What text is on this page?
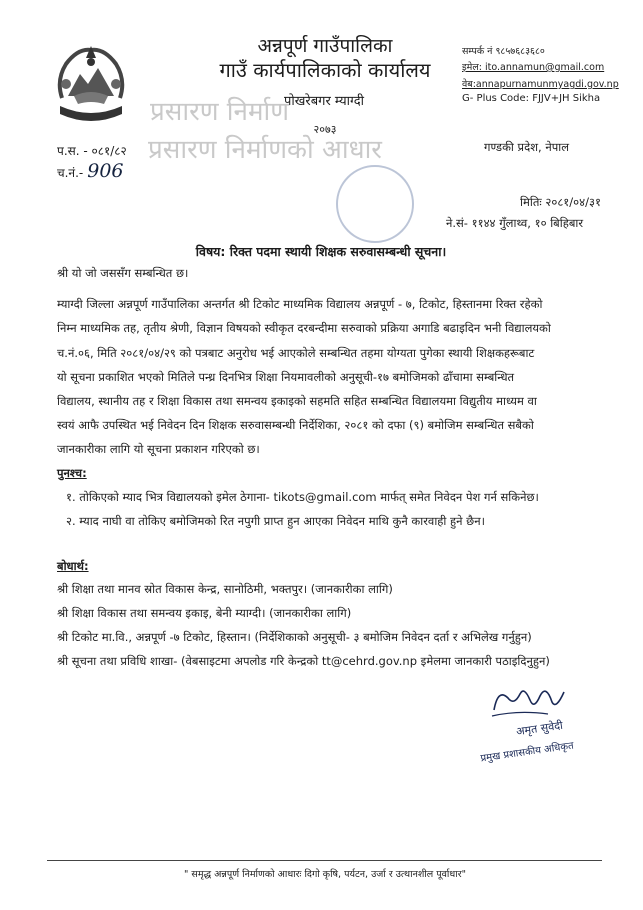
प्रसारण निर्माण
प्रसारण निर्माणको आधार
अन्नपूर्ण गाउँपालिका
गाउँ कार्यपालिकाको कार्यालय
पोखरेबगर म्याग्दी
२०७३
सम्पर्क नं ९८५७६८३६८०
इमेल: ito.annamun@gmail.com
वेब:annapurnamunmyagdi.gov.np
G- Plus Code: FJJV+JH Sikha
प.स. - ०८१/८२
च.नं.- 906
गण्डकी प्रदेश, नेपाल
मितिः २०८१/०४/३१
ने.सं- ११४४ गुँलाथ्व, १० बिहिबार
विषय: रिक्त पदमा स्थायी शिक्षक सरुवासम्बन्धी सूचना।
श्री यो जो जससँग सम्बन्धित छ।
म्याग्दी जिल्ला अन्नपूर्ण गाउँपालिका अन्तर्गत श्री टिकोट माध्यमिक विद्यालय अन्नपूर्ण - ७, टिकोट, हिस्तानमा रिक्त रहेको
निम्न माध्यमिक तह, तृतीय श्रेणी, विज्ञान विषयको स्वीकृत दरबन्दीमा सरुवाको प्रक्रिया अगाडि बढाइदिन भनी विद्यालयको
च.नं.०६, मिति २०८१/०४/२९ को पत्रबाट अनुरोध भई आएकोले सम्बन्धित तहमा योग्यता पुगेका स्थायी शिक्षकहरूबाट
यो सूचना प्रकाशित भएको मितिले पन्ध्र दिनभित्र शिक्षा नियमावलीको अनुसूची-१७ बमोजिमको ढाँचामा सम्बन्धित
विद्यालय, स्थानीय तह र शिक्षा विकास तथा समन्वय इकाइको सहमति सहित सम्बन्धित विद्यालयमा विद्युतीय माध्यम वा
स्वयं आफै उपस्थित भई निवेदन दिन शिक्षक सरुवासम्बन्धी निर्देशिका, २०८१ को दफा (९) बमोजिम सम्बन्धित सबैको
जानकारीका लागि यो सूचना प्रकाशन गरिएको छ।
पुनश्च:
१. तोकिएको म्याद भित्र विद्यालयको इमेल ठेगाना- tikots@gmail.com मार्फत् समेत निवेदन पेश गर्न सकिनेछ।
२. म्याद नाघी वा तोकिए बमोजिमको रित नपुगी प्राप्त हुन आएका निवेदन माथि कुनै कारवाही हुने छैन।
बोधार्थ:
श्री शिक्षा तथा मानव स्रोत विकास केन्द्र, सानोठिमी, भक्तपुर। (जानकारीका लागि)
श्री शिक्षा विकास तथा समन्वय इकाइ, बेनी म्याग्दी। (जानकारीका लागि)
श्री टिकोट मा.वि., अन्नपूर्ण -७ टिकोट, हिस्तान। (निर्देशिकाको अनुसूची- ३ बमोजिम निवेदन दर्ता र अभिलेख गर्नुहुन)
श्री सूचना तथा प्रविधि शाखा- (वेबसाइटमा अपलोड गरि केन्द्रको tt@cehrd.gov.np इमेलमा जानकारी पठाइदिनुहुन)
अमृत सुवेदी
प्रमुख प्रशासकीय अधिकृत
" समृद्ध अन्नपूर्ण निर्माणको आधारः दिगो कृषि, पर्यटन, उर्जा र उत्थानशील पूर्वाधार"
